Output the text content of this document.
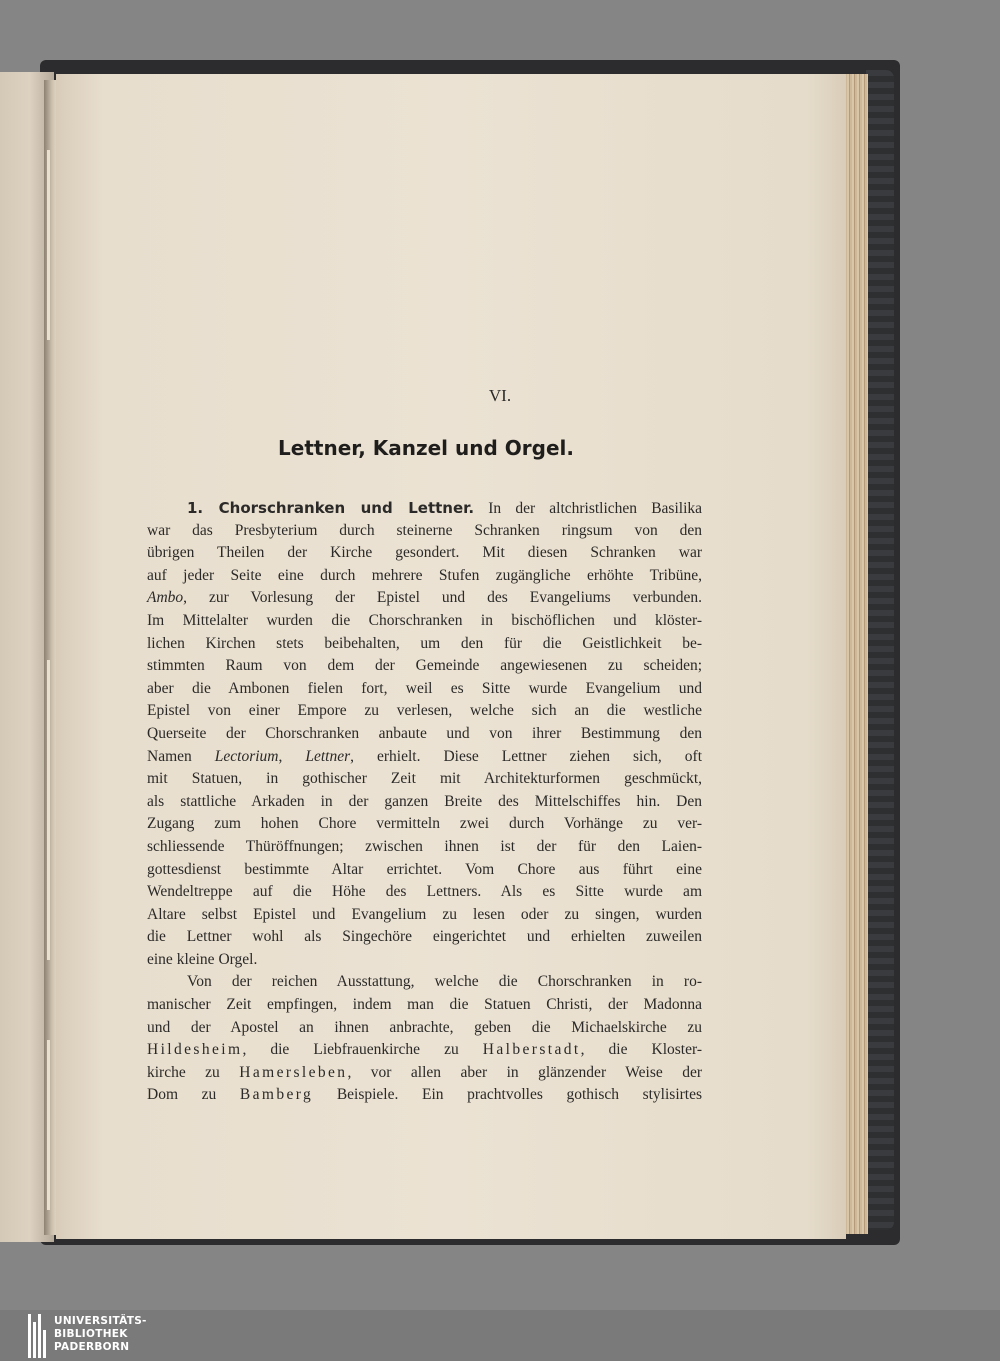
VI.
Lettner, Kanzel und Orgel.
1. Chorschranken und Lettner. In der altchristlichen Basilika
war das Presbyterium durch steinerne Schranken ringsum von den
übrigen Theilen der Kirche gesondert. Mit diesen Schranken war
auf jeder Seite eine durch mehrere Stufen zugängliche erhöhte Tribüne,
Ambo, zur Vorlesung der Epistel und des Evangeliums verbunden.
Im Mittelalter wurden die Chorschranken in bischöflichen und klöster-
lichen Kirchen stets beibehalten, um den für die Geistlichkeit be-
stimmten Raum von dem der Gemeinde angewiesenen zu scheiden;
aber die Ambonen fielen fort, weil es Sitte wurde Evangelium und
Epistel von einer Empore zu verlesen, welche sich an die westliche
Querseite der Chorschranken anbaute und von ihrer Bestimmung den
Namen Lectorium, Lettner, erhielt. Diese Lettner ziehen sich, oft
mit Statuen, in gothischer Zeit mit Architekturformen geschmückt,
als stattliche Arkaden in der ganzen Breite des Mittelschiffes hin. Den
Zugang zum hohen Chore vermitteln zwei durch Vorhänge zu ver-
schliessende Thüröffnungen; zwischen ihnen ist der für den Laien-
gottesdienst bestimmte Altar errichtet. Vom Chore aus führt eine
Wendeltreppe auf die Höhe des Lettners. Als es Sitte wurde am
Altare selbst Epistel und Evangelium zu lesen oder zu singen, wurden
die Lettner wohl als Singechöre eingerichtet und erhielten zuweilen
eine kleine Orgel.
Von der reichen Ausstattung, welche die Chorschranken in ro-
manischer Zeit empfingen, indem man die Statuen Christi, der Madonna
und der Apostel an ihnen anbrachte, geben die Michaelskirche zu
Hildesheim, die Liebfrauenkirche zu Halberstadt, die Kloster-
kirche zu Hamersleben, vor allen aber in glänzender Weise der
Dom zu Bamberg Beispiele. Ein prachtvolles gothisch stylisirtes
UNIVERSITÄTS-
BIBLIOTHEK
PADERBORN
